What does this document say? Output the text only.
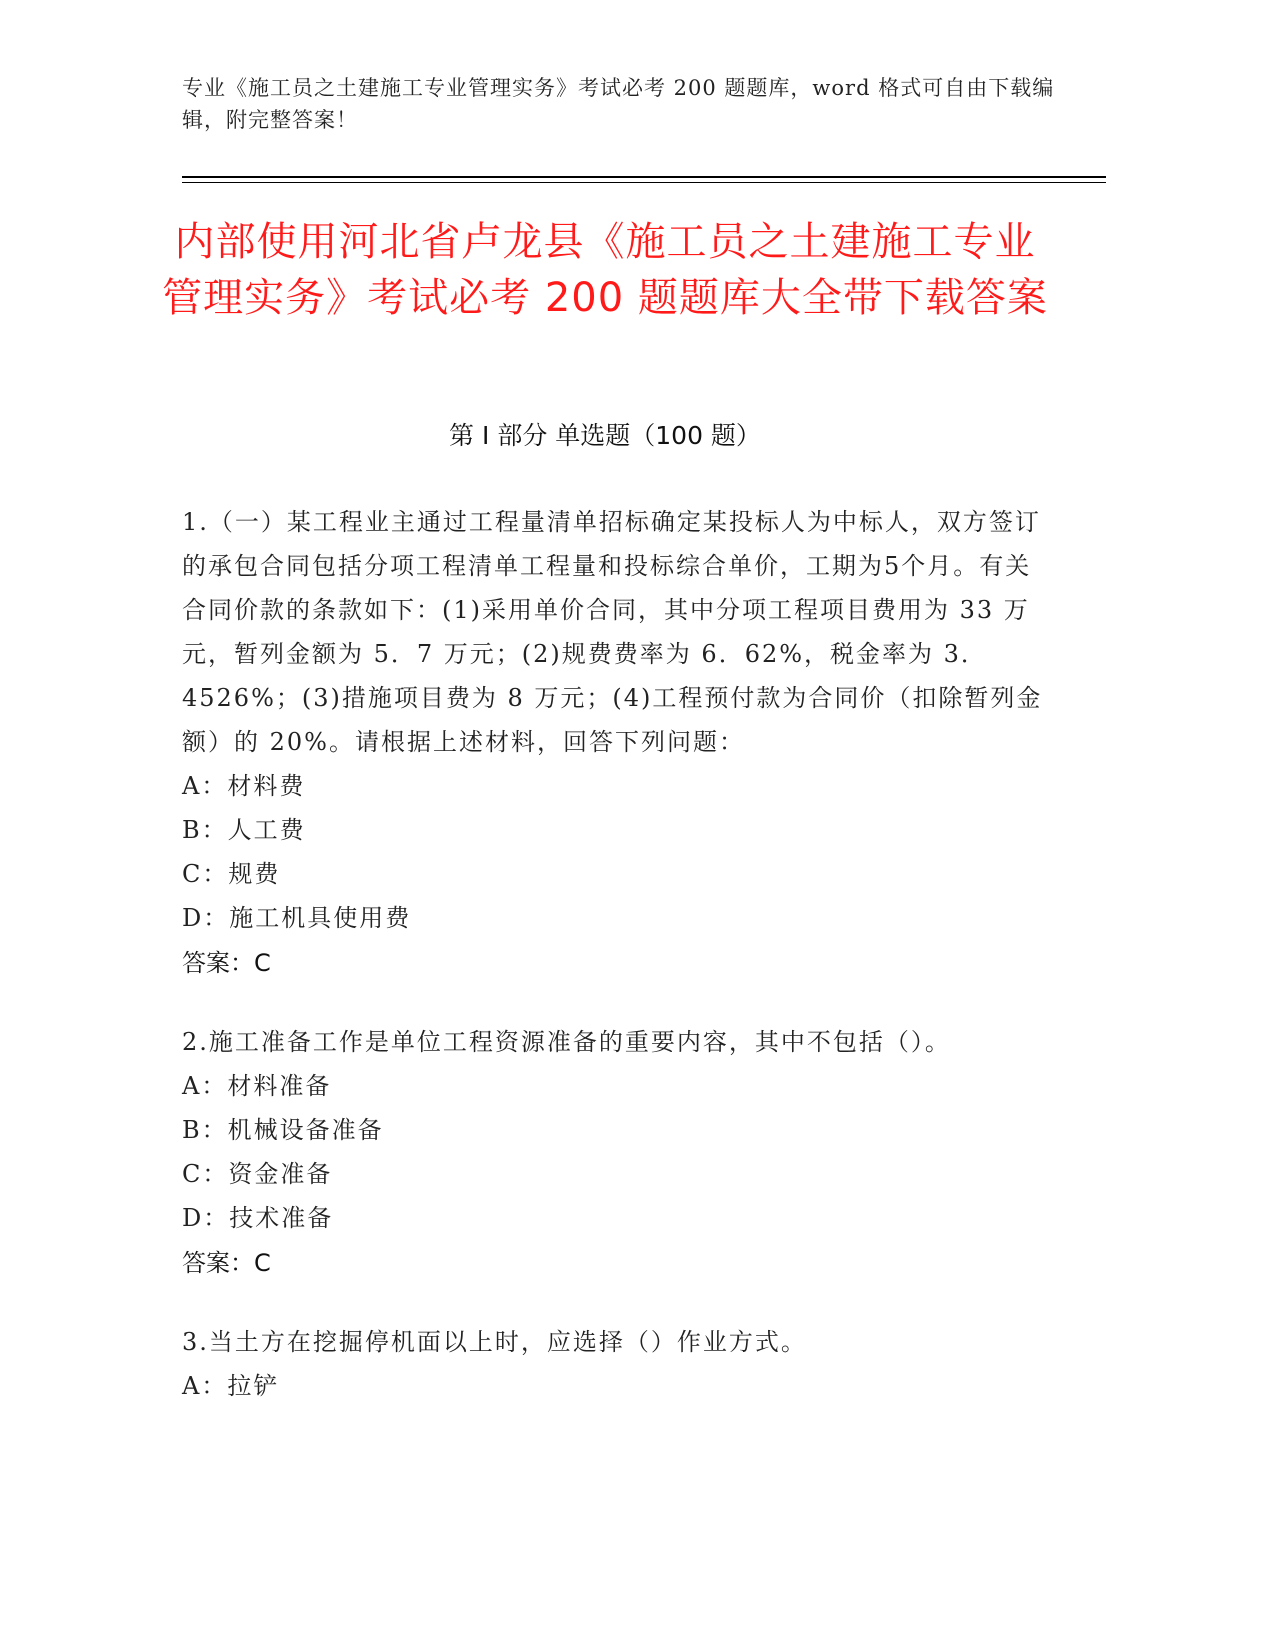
专业《施工员之土建施工专业管理实务》考试必考 200 题题库，word 格式可自由下载编辑，附完整答案！
内部使用河北省卢龙县《施工员之土建施工专业管理实务》考试必考 200 题题库大全带下载答案
第 I 部分 单选题（100 题）
1.（一）某工程业主通过工程量清单招标确定某投标人为中标人，双方签订的承包合同包括分项工程清单工程量和投标综合单价，工期为5个月。有关合同价款的条款如下：(1)采用单价合同，其中分项工程项目费用为 33 万元，暂列金额为 5．7 万元；(2)规费费率为 6．62%，税金率为 3．4526%；(3)措施项目费为 8 万元；(4)工程预付款为合同价（扣除暂列金额）的 20%。请根据上述材料，回答下列问题：
A：材料费
B：人工费
C：规费
D：施工机具使用费
答案：C
2.施工准备工作是单位工程资源准备的重要内容，其中不包括（）。
A：材料准备
B：机械设备准备
C：资金准备
D：技术准备
答案：C
3.当土方在挖掘停机面以上时，应选择（）作业方式。
A：拉铲
